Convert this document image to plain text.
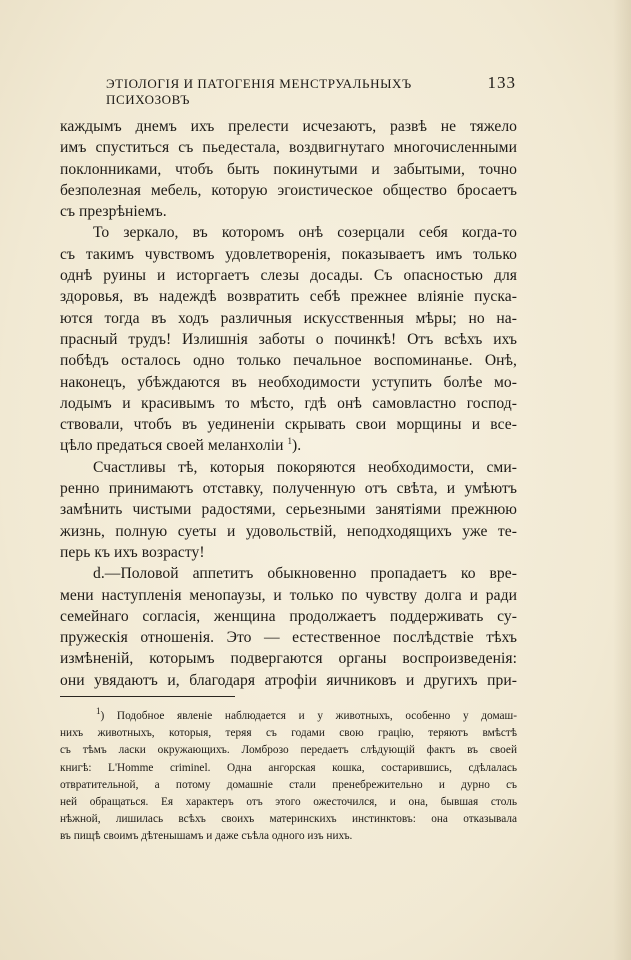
ЭТІОЛОГІЯ И ПАТОГЕНІЯ МЕНСТРУАЛЬНЫХЪ ПСИХОЗОВЪ
133
каждымъ днемъ ихъ прелести исчезаютъ, развѣ не тяжело
имъ спуститься съ пьедестала, воздвигнутаго многочисленными
поклонниками, чтобъ быть покинутыми и забытыми, точно
безполезная мебель, которую эгоистическое общество бросаетъ
съ презрѣніемъ.
То зеркало, въ которомъ онѣ созерцали себя когда-то
съ такимъ чувствомъ удовлетворенія, показываетъ имъ только
однѣ руины и исторгаетъ слезы досады. Съ опасностью для
здоровья, въ надеждѣ возвратить себѣ прежнее вліяніе пуска-
ются тогда въ ходъ различныя искусственныя мѣры; но на-
прасный трудъ! Излишнія заботы о починкѣ! Отъ всѣхъ ихъ
побѣдъ осталось одно только печальное воспоминанье. Онѣ,
наконецъ, убѣждаются въ необходимости уступить болѣе мо-
лодымъ и красивымъ то мѣсто, гдѣ онѣ самовластно господ-
ствовали, чтобъ въ уединеніи скрывать свои морщины и все-
цѣло предаться своей меланхоліи $^1$).
Счастливы тѣ, которыя покоряются необходимости, сми-
ренно принимаютъ отставку, полученную отъ свѣта, и умѣютъ
замѣнить чистыми радостями, серьезными занятіями прежнюю
жизнь, полную суеты и удовольствій, неподходящихъ уже те-
перь къ ихъ возрасту!
d.—Половой аппетитъ обыкновенно пропадаетъ ко вре-
мени наступленія менопаузы, и только по чувству долга и ради
семейнаго согласія, женщина продолжаетъ поддерживать су-
пружескія отношенія. Это — естественное послѣдствіе тѣхъ
измѣненій, которымъ подвергаются органы воспроизведенія:
они увядаютъ и, благодаря атрофіи яичниковъ и другихъ при-
$^1$) Подобное явленіе наблюдается и у животныхъ, особенно у домаш-
нихъ животныхъ, которыя, теряя съ годами свою грацію, теряютъ вмѣстѣ
съ тѣмъ ласки окружающихъ. Ломброзо передаетъ слѣдующій фактъ въ своей
книгѣ: L'Homme criminel. Одна ангорская кошка, состарившись, сдѣлалась
отвратительной, а потому домашніе стали пренебрежительно и дурно съ
ней обращаться. Ея характеръ отъ этого ожесточился, и она, бывшая столь
нѣжной, лишилась всѣхъ своихъ материнскихъ инстинктовъ: она отказывала
въ пищѣ своимъ дѣтенышамъ и даже съѣла одного изъ нихъ.
